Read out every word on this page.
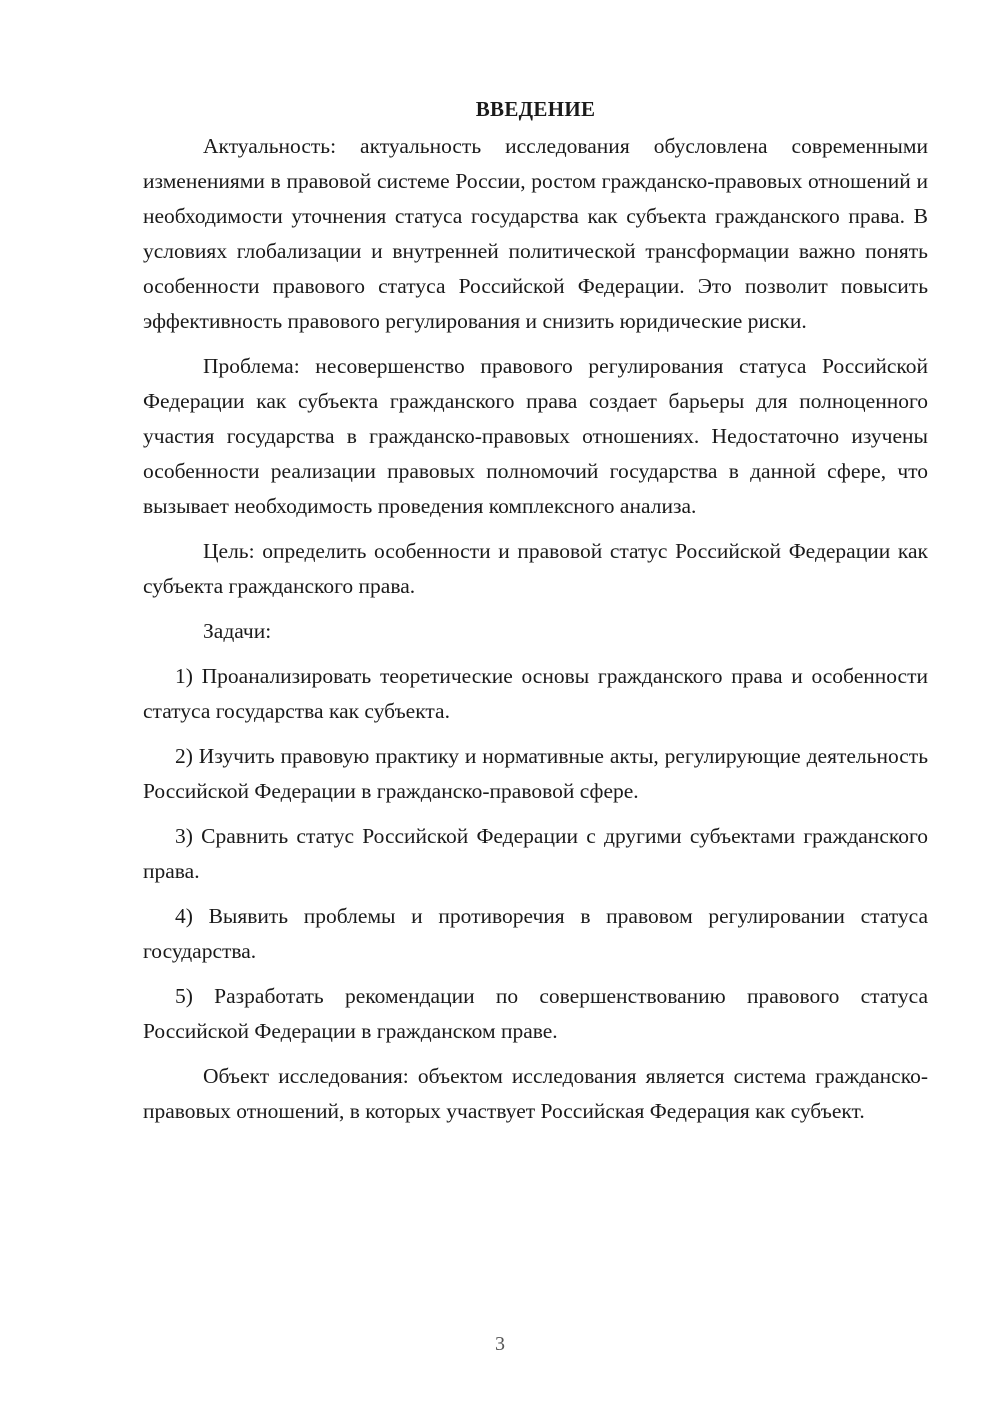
ВВЕДЕНИЕ

Актуальность: актуальность исследования обусловлена современными изменениями в правовой системе России, ростом гражданско-правовых отношений и необходимости уточнения статуса государства как субъекта гражданского права. В условиях глобализации и внутренней политической трансформации важно понять особенности правового статуса Российской Федерации. Это позволит повысить эффективность правового регулирования и снизить юридические риски.

Проблема: несовершенство правового регулирования статуса Российской Федерации как субъекта гражданского права создает барьеры для полноценного участия государства в гражданско-правовых отношениях. Недостаточно изучены особенности реализации правовых полномочий государства в данной сфере, что вызывает необходимость проведения комплексного анализа.

Цель: определить особенности и правовой статус Российской Федерации как субъекта гражданского права.

Задачи:

1) Проанализировать теоретические основы гражданского права и особенности статуса государства как субъекта.

2) Изучить правовую практику и нормативные акты, регулирующие деятельность Российской Федерации в гражданско-правовой сфере.

3) Сравнить статус Российской Федерации с другими субъектами гражданского права.

4) Выявить проблемы и противоречия в правовом регулировании статуса государства.

5) Разработать рекомендации по совершенствованию правового статуса Российской Федерации в гражданском праве.

Объект исследования: объектом исследования является система гражданско-правовых отношений, в которых участвует Российская Федерация как субъект.

3
